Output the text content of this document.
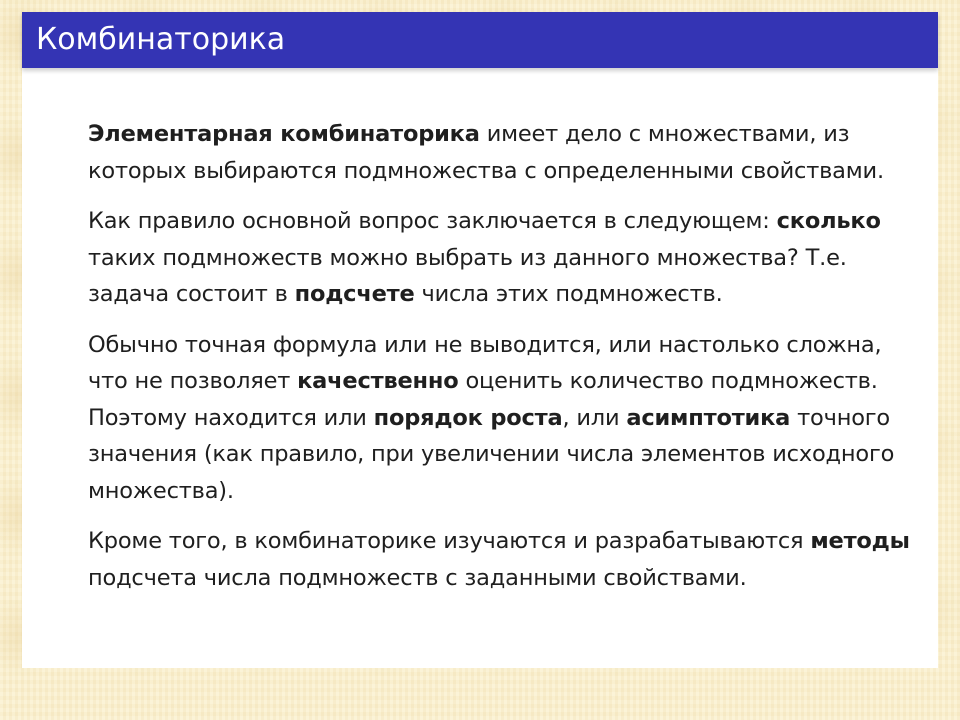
Комбинаторика

Элементарная комбинаторика имеет дело с множествами, из которых выбираются подмножества с определенными свойствами.

Как правило основной вопрос заключается в следующем: сколько таких подмножеств можно выбрать из данного множества? Т.е. задача состоит в подсчете числа этих подмножеств.

Обычно точная формула или не выводится, или настолько сложна, что не позволяет качественно оценить количество подмножеств. Поэтому находится или порядок роста, или асимптотика точного значения (как правило, при увеличении числа элементов исходного множества).

Кроме того, в комбинаторике изучаются и разрабатываются методы подсчета числа подмножеств с заданными свойствами.
